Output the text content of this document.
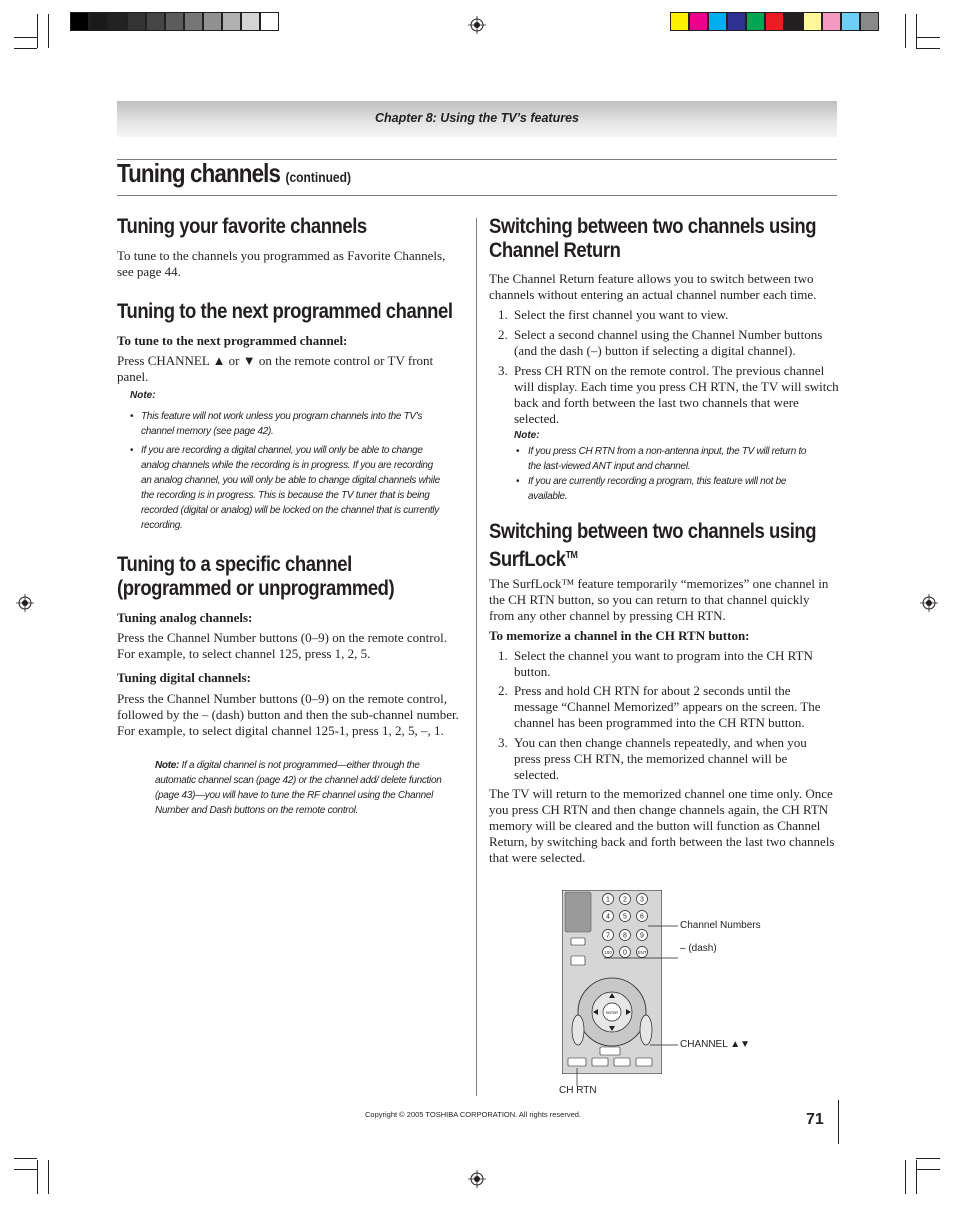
Chapter 8: Using the TV’s features
Tuning channels (continued)
Tuning your favorite channels
To tune to the channels you programmed as Favorite Channels, see page 44.
Tuning to the next programmed channel
To tune to the next programmed channel:
Press CHANNEL ▲ or ▼ on the remote control or TV front panel.
Note:
• This feature will not work unless you program channels into the TV’s channel memory (see page 42).
• If you are recording a digital channel, you will only be able to change analog channels while the recording is in progress. If you are recording an analog channel, you will only be able to change digital channels while the recording is in progress. This is because the TV tuner that is being recorded (digital or analog) will be locked on the channel that is currently recording.
Tuning to a specific channel
(programmed or unprogrammed)
Tuning analog channels:
Press the Channel Number buttons (0–9) on the remote control. For example, to select channel 125, press 1, 2, 5.
Tuning digital channels:
Press the Channel Number buttons (0–9) on the remote control, followed by the – (dash) button and then the sub-channel number. For example, to select digital channel 125-1, press 1, 2, 5, –, 1.
Note: If a digital channel is not programmed—either through the automatic channel scan (page 42) or the channel add/ delete function (page 43)—you will have to tune the RF channel using the Channel Number and Dash buttons on the remote control.
Switching between two channels using
Channel Return
The Channel Return feature allows you to switch between two channels without entering an actual channel number each time.
1. Select the first channel you want to view.
2. Select a second channel using the Channel Number buttons (and the dash (–) button if selecting a digital channel).
3. Press CH RTN on the remote control. The previous channel will display. Each time you press CH RTN, the TV will switch back and forth between the last two channels that were selected.
Note:
• If you press CH RTN from a non-antenna input, the TV will return to the last-viewed ANT input and channel.
• If you are currently recording a program, this feature will not be available.
Switching between two channels using
SurfLock™
The SurfLock™ feature temporarily “memorizes” one channel in the CH RTN button, so you can return to that channel quickly from any other channel by pressing CH RTN.
To memorize a channel in the CH RTN button:
1. Select the channel you want to program into the CH RTN button.
2. Press and hold CH RTN for about 2 seconds until the message “Channel Memorized” appears on the screen. The channel has been programmed into the CH RTN button.
3. You can then change channels repeatedly, and when you press press CH RTN, the memorized channel will be selected.
The TV will return to the memorized channel one time only. Once you press CH RTN and then change channels again, the CH RTN memory will be cleared and the button will function as Channel Return, by switching back and forth between the last two channels that were selected.
1 2 3
4 5 6
7 8 9
100 0 ENT
ENTER
Channel Numbers
– (dash)
CHANNEL ▲▼
CH RTN
Copyright © 2005 TOSHIBA CORPORATION. All rights reserved.	71
